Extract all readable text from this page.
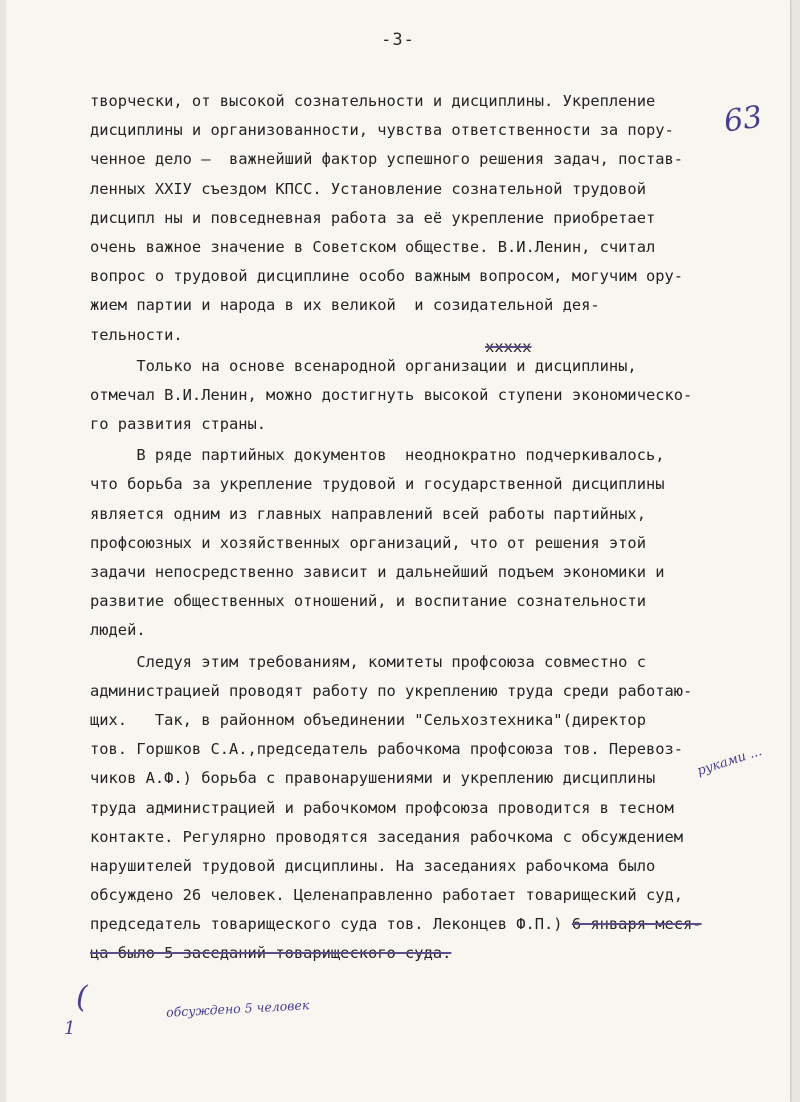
-3-
63
творчески, от высокой сознательности и дисциплины. Укрепление
дисциплины и организованности, чувства ответственности за пору-
ченное дело –  важнейший фактор успешного решения задач, постав-
ленных ХХIУ съездом КПСС. Установление сознательной трудовой
дисципл ны и повседневная работа за её укрепление приобретает
очень важное значение в Советском обществе. В.И.Ленин, считал
вопрос о трудовой дисциплине особо важным вопросом, могучим ору-
жием партии и народа в их великой  и созидательной дея-
тельности.
Только на основе всенародной организации и дисциплины,
отмечал В.И.Ленин, можно достигнуть высокой ступени экономическо-
го развития страны.
В ряде партийных документов  неоднократно подчеркивалось,
что борьба за укрепление трудовой и государственной дисциплины
является одним из главных направлений всей работы партийных,
профсоюзных и хозяйственных организаций, что от решения этой
задачи непосредственно зависит и дальнейший подъем экономики и
развитие общественных отношений, и воспитание сознательности
людей.
Следуя этим требованиям, комитеты профсоюза совместно с
администрацией проводят работу по укреплению труда среди работаю-
щих.   Так, в районном объединении "Сельхозтехника"(директор
тов. Горшков С.А.,председатель рабочкома профсоюза тов. Перевоз-
чиков А.Ф.) борьба с правонарушениями и укреплению дисциплины
труда администрацией и рабочкомом профсоюза проводится в тесном
контакте. Регулярно проводятся заседания рабочкома с обсуждением
нарушителей трудовой дисциплины. На заседаниях рабочкома было
обсуждено 26 человек. Целенаправленно работает товарищеский суд,
председатель товарищеского суда тов. Леконцев Ф.П.) 6 января меся-
ца было 5 заседаний товарищеского суда.

ххххх

руками ...
обсуждено 5 человек
(
1
